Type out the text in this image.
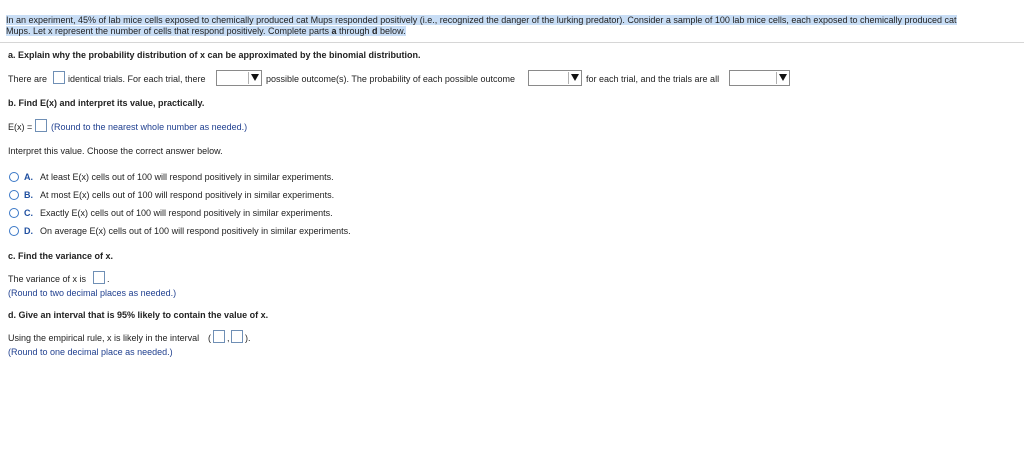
In an experiment, 45% of lab mice cells exposed to chemically produced cat Mups responded positively (i.e., recognized the danger of the lurking predator). Consider a sample of 100 lab mice cells, each exposed to chemically produced cat
Mups. Let x represent the number of cells that respond positively. Complete parts a through d below.
a. Explain why the probability distribution of x can be approximated by the binomial distribution.
There are identical trials. For each trial, there	possible outcome(s). The probability of each possible outcome	for each trial, and the trials are all
b. Find E(x) and interpret its value, practically.
E(x) = (Round to the nearest whole number as needed.)
Interpret this value. Choose the correct answer below.
A. At least E(x) cells out of 100 will respond positively in similar experiments.
B. At most E(x) cells out of 100 will respond positively in similar experiments.
C. Exactly E(x) cells out of 100 will respond positively in similar experiments.
D. On average E(x) cells out of 100 will respond positively in similar experiments.
c. Find the variance of x.
The variance of x is .
(Round to two decimal places as needed.)
d. Give an interval that is 95% likely to contain the value of x.
Using the empirical rule, x is likely in the interval ( , ).
(Round to one decimal place as needed.)
